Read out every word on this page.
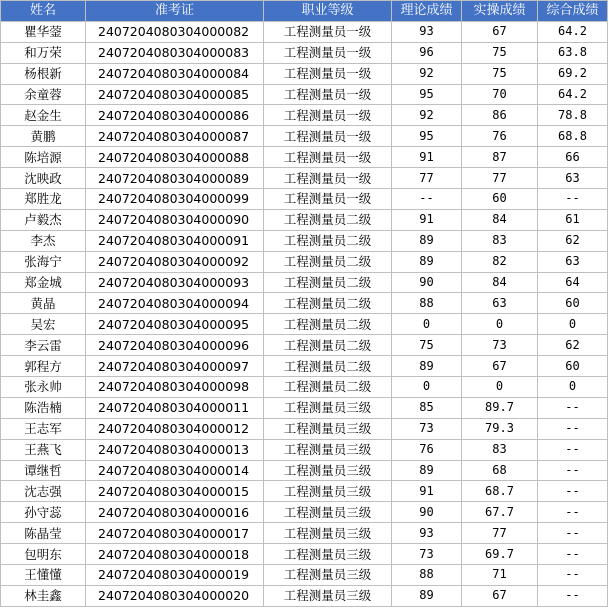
姓名	准考证	职业等级	理论成绩	实操成绩	综合成绩
瞿华蓥	2407204080304000082	工程测量员一级	93	67	64.2
和万荣	2407204080304000083	工程测量员一级	96	75	63.8
杨根新	2407204080304000084	工程测量员一级	92	75	69.2
余童蓉	2407204080304000085	工程测量员一级	95	70	64.2
赵金生	2407204080304000086	工程测量员一级	92	86	78.8
黄鹏	2407204080304000087	工程测量员一级	95	76	68.8
陈培源	2407204080304000088	工程测量员一级	91	87	66
沈映政	2407204080304000089	工程测量员一级	77	77	63
郑胜龙	2407204080304000099	工程测量员一级	--	60	--
卢毅杰	2407204080304000090	工程测量员二级	91	84	61
李杰	2407204080304000091	工程测量员二级	89	83	62
张海宁	2407204080304000092	工程测量员二级	89	82	63
郑金城	2407204080304000093	工程测量员二级	90	84	64
黄晶	2407204080304000094	工程测量员二级	88	63	60
吴宏	2407204080304000095	工程测量员二级	0	0	0
李云雷	2407204080304000096	工程测量员二级	75	73	62
郭程方	2407204080304000097	工程测量员二级	89	67	60
张永帅	2407204080304000098	工程测量员二级	0	0	0
陈浩楠	2407204080304000011	工程测量员三级	85	89.7	--
王志军	2407204080304000012	工程测量员三级	73	79.3	--
王燕飞	2407204080304000013	工程测量员三级	76	83	--
谭继哲	2407204080304000014	工程测量员三级	89	68	--
沈志强	2407204080304000015	工程测量员三级	91	68.7	--
孙守蕊	2407204080304000016	工程测量员三级	90	67.7	--
陈晶莹	2407204080304000017	工程测量员三级	93	77	--
包明东	2407204080304000018	工程测量员三级	73	69.7	--
王懂懂	2407204080304000019	工程测量员三级	88	71	--
林圭鑫	2407204080304000020	工程测量员三级	89	67	--
